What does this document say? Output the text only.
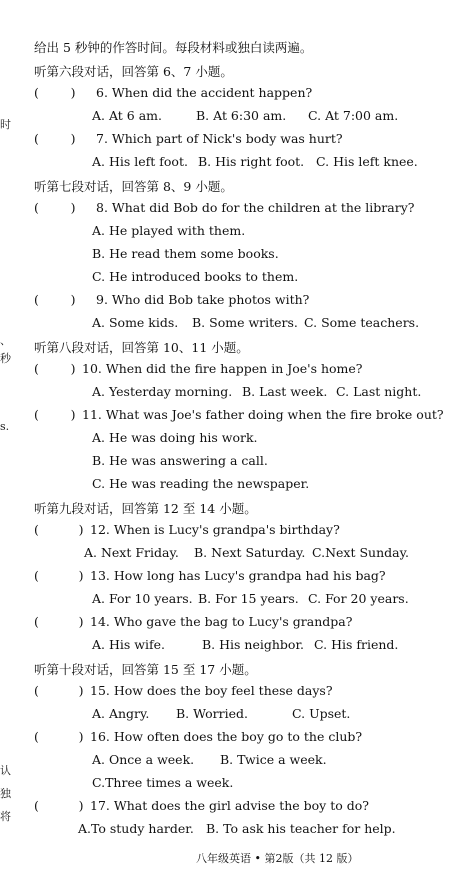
时
、
秒
s.
认
独
将
给出 5 秒钟的作答时间。每段材料或独白读两遍。
听第六段对话，回答第 6、7 小题。
(        ) 6. When did the accident happen?
A. At 6 am.	B. At 6:30 am. C. At 7:00 am.
(        ) 7. Which part of Nick's body was hurt?
A. His left foot. B. His right foot. C. His left knee.
听第七段对话，回答第 8、9 小题。
(        ) 8. What did Bob do for the children at the library?
A. He played with them.
B. He read them some books.
C. He introduced books to them.
(        ) 9. Who did Bob take photos with?
A. Some kids. B. Some writers. C. Some teachers.
听第八段对话，回答第 10、11 小题。
(        ) 10. When did the fire happen in Joe's home?
A. Yesterday morning. B. Last week. C. Last night.
(        ) 11. What was Joe's father doing when the fire broke out?
A. He was doing his work.
B. He was answering a call.
C. He was reading the newspaper.
听第九段对话，回答第 12 至 14 小题。
(          ) 12. When is Lucy's grandpa's birthday?
A. Next Friday. B. Next Saturday. C.Next Sunday.
(          ) 13. How long has Lucy's grandpa had his bag?
A. For 10 years. B. For 15 years. C. For 20 years.
(          ) 14. Who gave the bag to Lucy's grandpa?
A. His wife.	B. His neighbor. C. His friend.
听第十段对话，回答第 15 至 17 小题。
(          ) 15. How does the boy feel these days?
A. Angry. B. Worried.	C. Upset.
(          ) 16. How often does the boy go to the club?
A. Once a week. B. Twice a week.
C.Three times a week.
(          ) 17. What does the girl advise the boy to do?
A.To study harder. B. To ask his teacher for help.
八年级英语 • 第2版（共 12 版）
